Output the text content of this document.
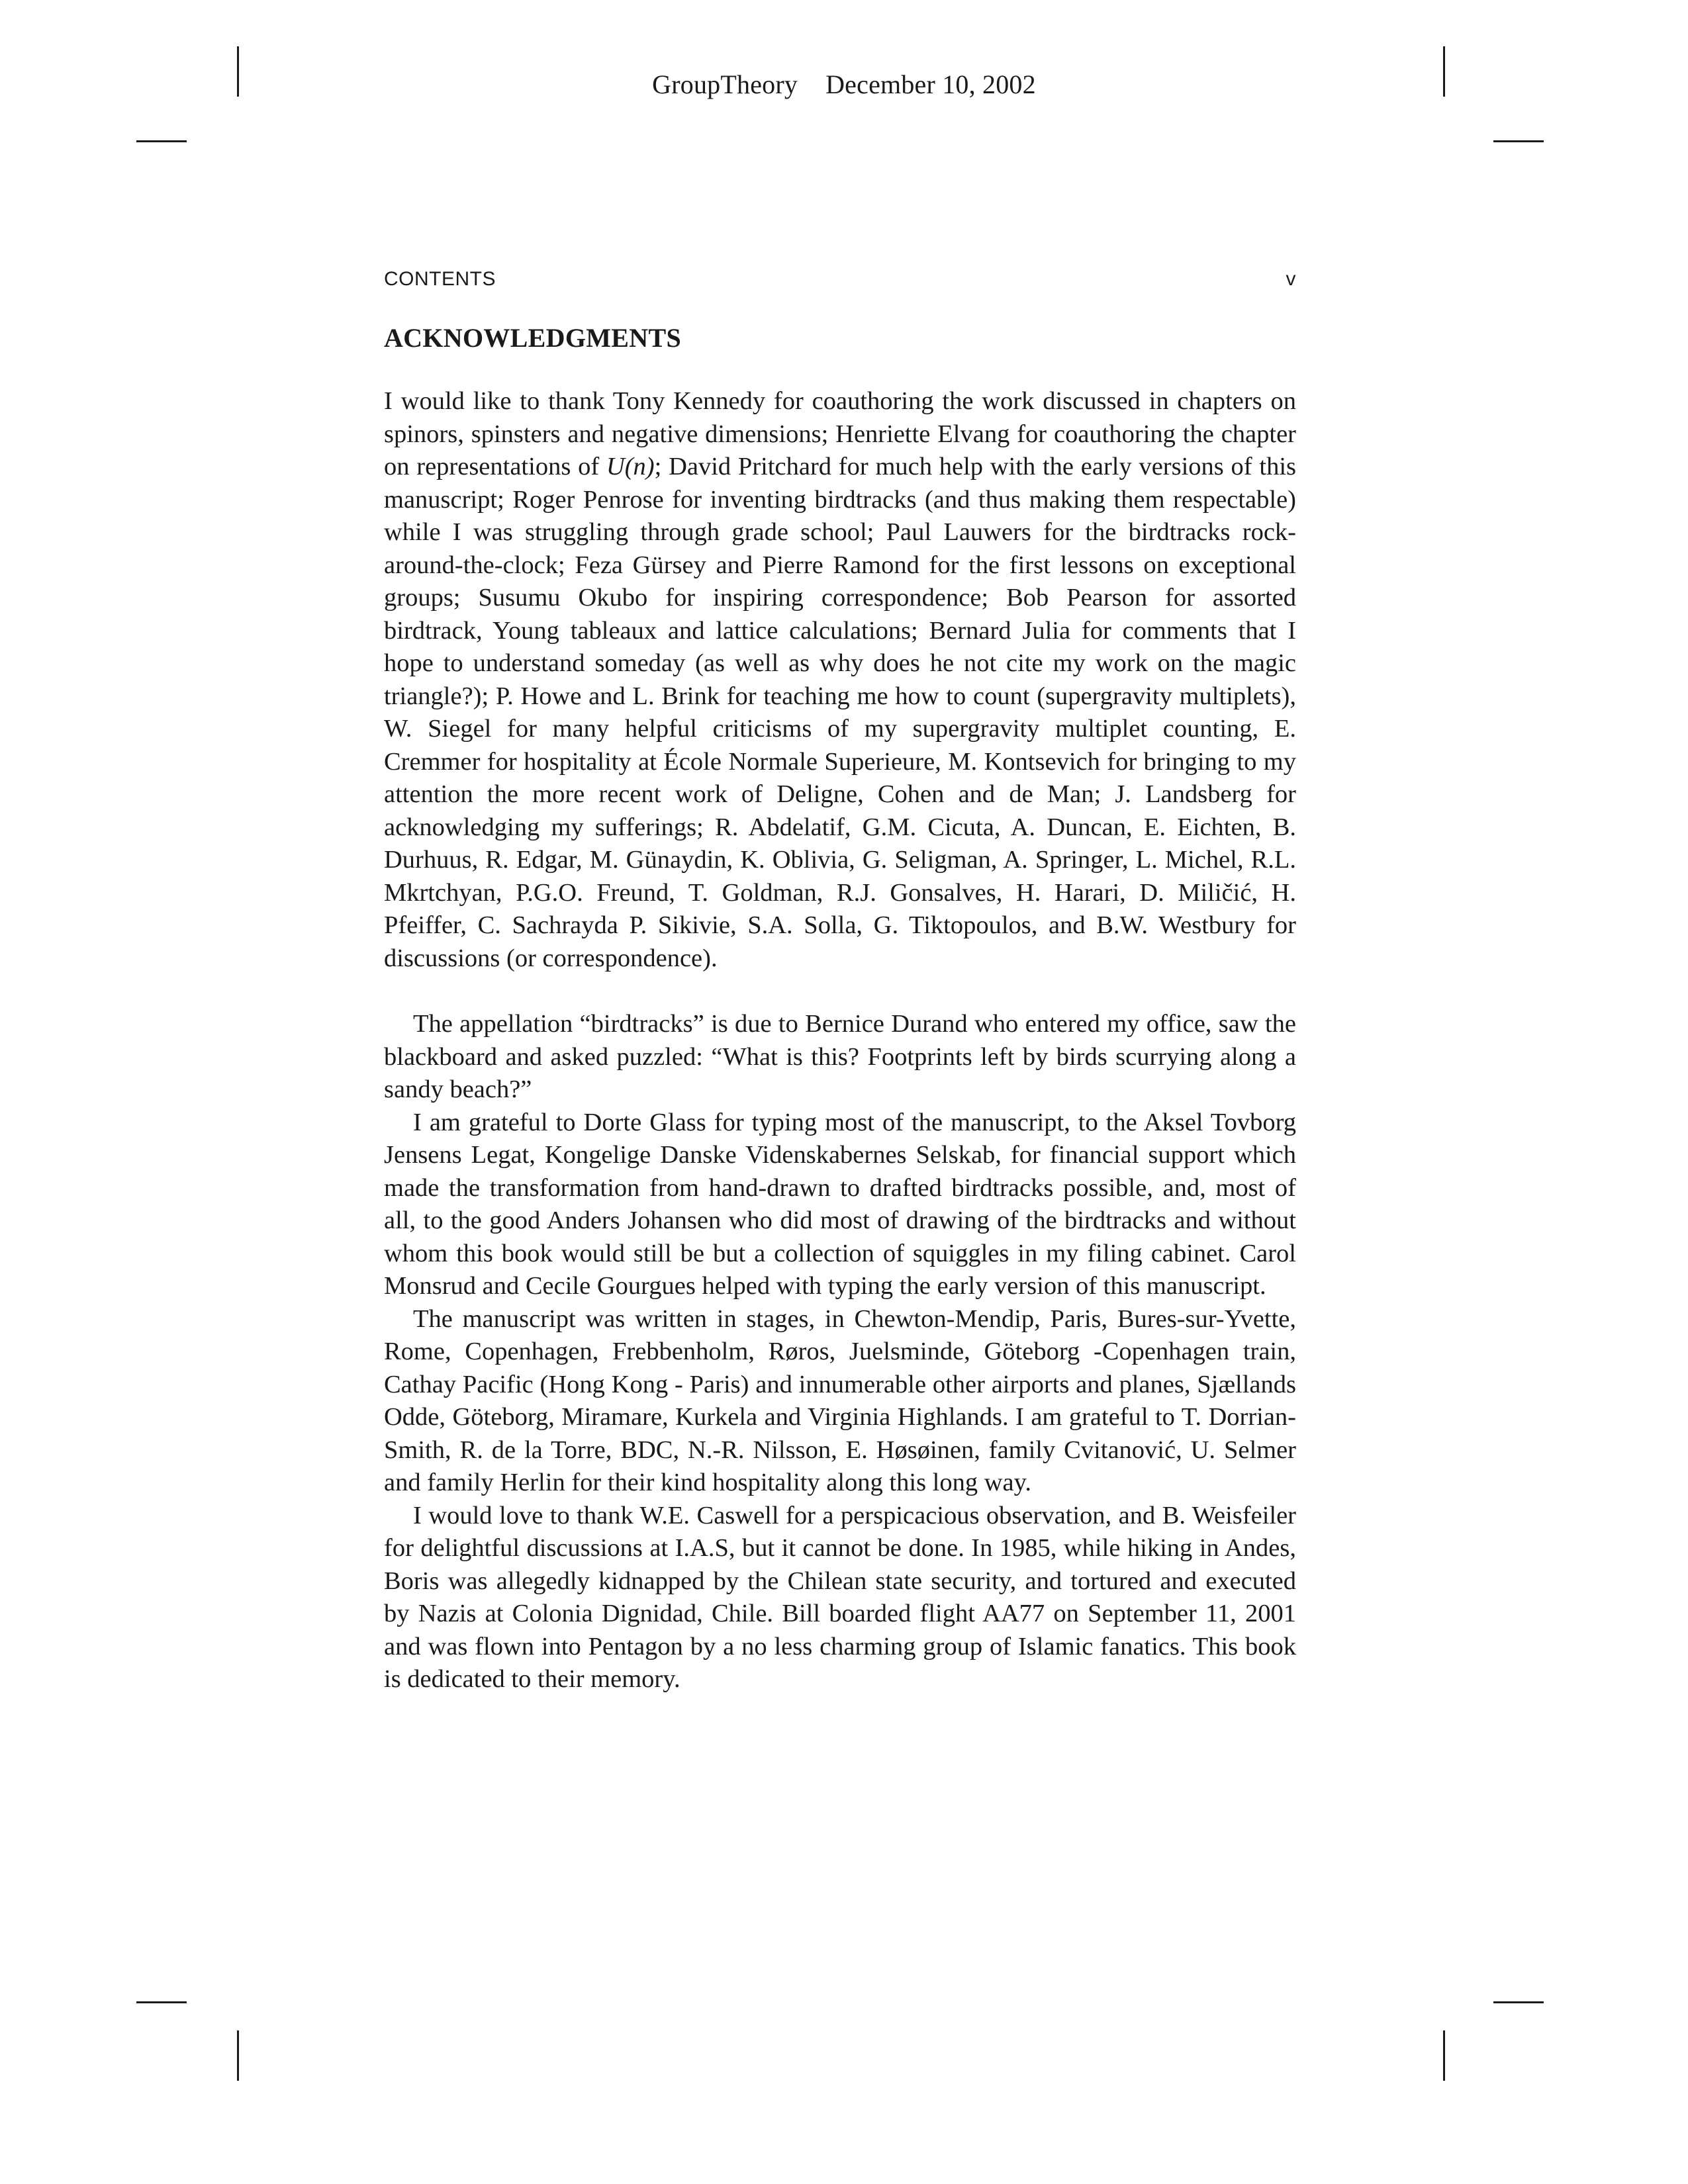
GroupTheory December 10, 2002
CONTENTS	v
ACKNOWLEDGMENTS

I would like to thank Tony Kennedy for coauthoring the work discussed in chapters on spinors, spinsters and negative dimensions; Henriette Elvang for coauthoring the chapter on representations of U(n); David Pritchard for much help with the early versions of this manuscript; Roger Penrose for inventing birdtracks (and thus making them respectable) while I was struggling through grade school; Paul Lauwers for the birdtracks rock-around-the-clock; Feza Gürsey and Pierre Ramond for the first lessons on exceptional groups; Susumu Okubo for inspiring correspondence; Bob Pearson for assorted birdtrack, Young tableaux and lattice calculations; Bernard Julia for comments that I hope to understand someday (as well as why does he not cite my work on the magic triangle?); P. Howe and L. Brink for teaching me how to count (supergravity multiplets), W. Siegel for many helpful criticisms of my supergravity multiplet counting, E. Cremmer for hospitality at École Normale Superieure, M. Kontsevich for bringing to my attention the more recent work of Deligne, Cohen and de Man; J. Landsberg for acknowledging my sufferings; R. Abdelatif, G.M. Cicuta, A. Duncan, E. Eichten, B. Durhuus, R. Edgar, M. Günaydin, K. Oblivia, G. Seligman, A. Springer, L. Michel, R.L. Mkrtchyan, P.G.O. Freund, T. Goldman, R.J. Gonsalves, H. Harari, D. Miličić, H. Pfeiffer, C. Sachrayda P. Sikivie, S.A. Solla, G. Tiktopoulos, and B.W. Westbury for discussions (or correspondence).

The appellation “birdtracks” is due to Bernice Durand who entered my office, saw the blackboard and asked puzzled: “What is this? Footprints left by birds scurrying along a sandy beach?”

I am grateful to Dorte Glass for typing most of the manuscript, to the Aksel Tovborg Jensens Legat, Kongelige Danske Videnskabernes Selskab, for financial support which made the transformation from hand-drawn to drafted birdtracks possible, and, most of all, to the good Anders Johansen who did most of drawing of the birdtracks and without whom this book would still be but a collection of squiggles in my filing cabinet. Carol Monsrud and Cecile Gourgues helped with typing the early version of this manuscript.

The manuscript was written in stages, in Chewton-Mendip, Paris, Bures-sur-Yvette, Rome, Copenhagen, Frebbenholm, Røros, Juelsminde, Göteborg -Copenhagen train, Cathay Pacific (Hong Kong - Paris) and innumerable other airports and planes, Sjællands Odde, Göteborg, Miramare, Kurkela and Virginia Highlands. I am grateful to T. Dorrian-Smith, R. de la Torre, BDC, N.-R. Nilsson, E. Høsøinen, family Cvitanović, U. Selmer and family Herlin for their kind hospitality along this long way.

I would love to thank W.E. Caswell for a perspicacious observation, and B. Weisfeiler for delightful discussions at I.A.S, but it cannot be done. In 1985, while hiking in Andes, Boris was allegedly kidnapped by the Chilean state security, and tortured and executed by Nazis at Colonia Dignidad, Chile. Bill boarded flight AA77 on September 11, 2001 and was flown into Pentagon by a no less charming group of Islamic fanatics. This book is dedicated to their memory.
